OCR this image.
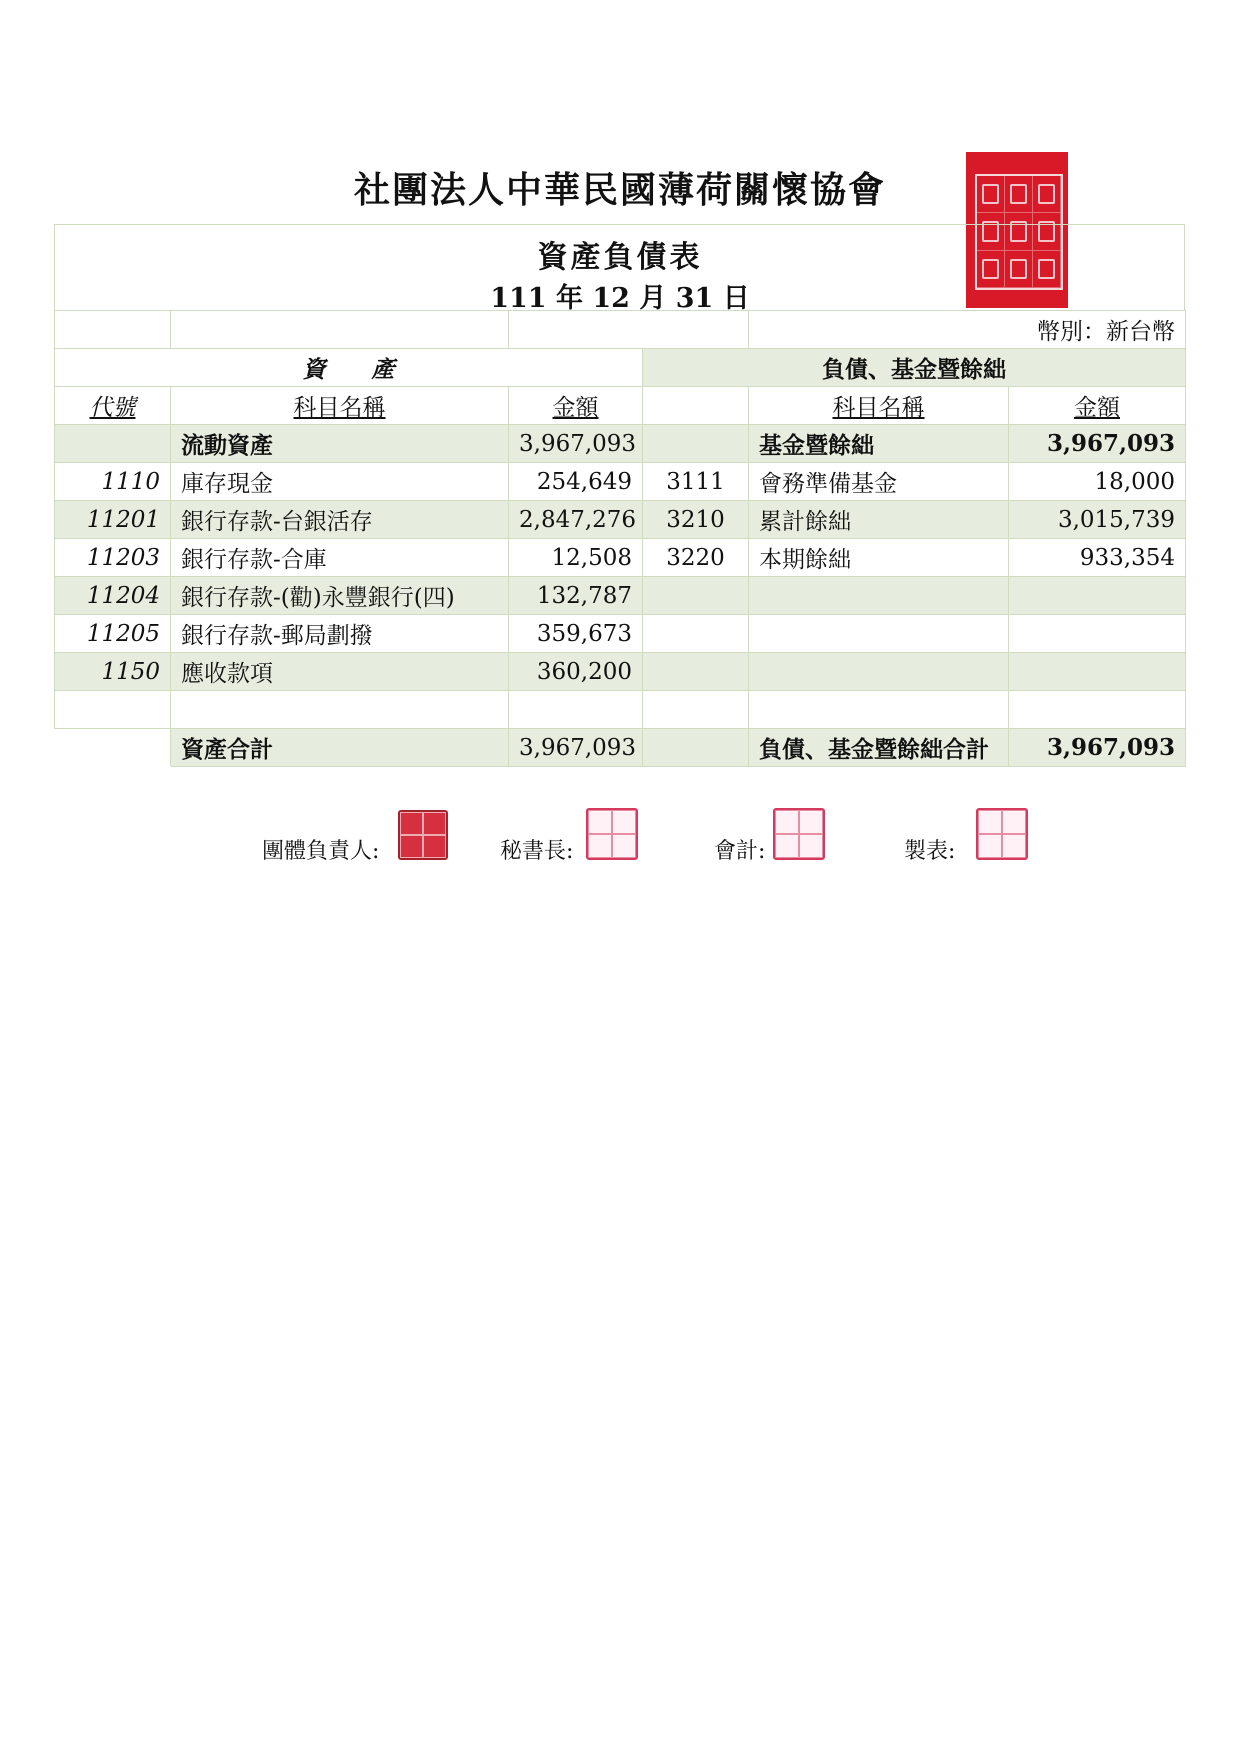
社團法人中華民國薄荷關懷協會
資產負債表
111 年 12 月 31 日
				幣別：新台幣	
資　　產			負債、基金暨餘絀		
代號	科目名稱	金額		科目名稱	金額
	流動資產	3,967,093		基金暨餘絀	3,967,093
1110	庫存現金	254,649	3111	會務準備基金	18,000
11201	銀行存款-台銀活存	2,847,276	3210	累計餘絀	3,015,739
11203	銀行存款-合庫	12,508	3220	本期餘絀	933,354
11204	銀行存款-(勸)永豐銀行(四)	132,787			
11205	銀行存款-郵局劃撥	359,673			
1150	應收款項	360,200			

	資產合計	3,967,093		負債、基金暨餘絀合計	3,967,093
團體負責人:	秘書長:	會計:	製表:
